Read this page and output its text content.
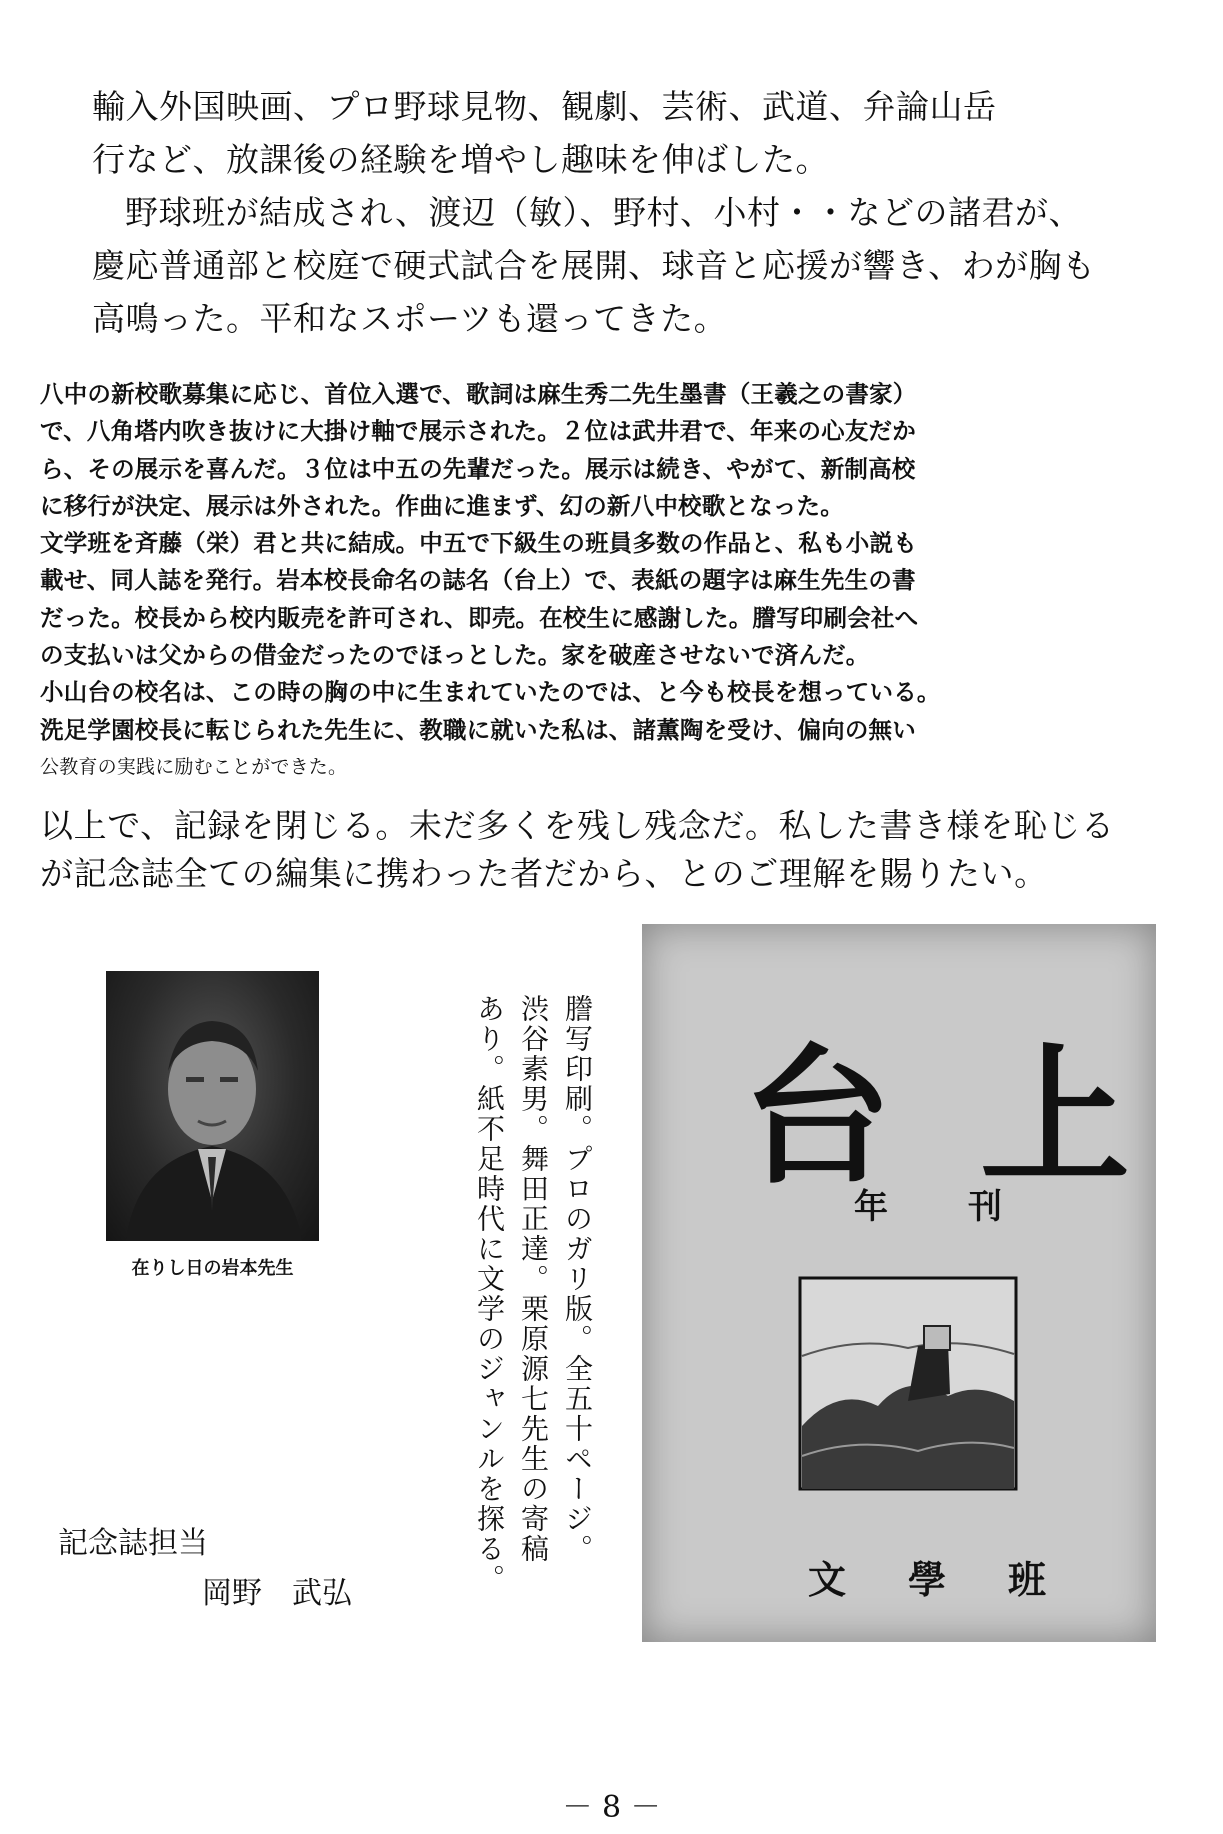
輸入外国映画、プロ野球見物、観劇、芸術、武道、弁論山岳
行など、放課後の経験を増やし趣味を伸ばした。
野球班が結成され、渡辺（敏）、野村、小村・・などの諸君が、
慶応普通部と校庭で硬式試合を展開、球音と応援が響き、わが胸も
高鳴った。平和なスポーツも還ってきた。
八中の新校歌募集に応じ、首位入選で、歌詞は麻生秀二先生墨書（王羲之の書家）
で、八角塔内吹き抜けに大掛け軸で展示された。２位は武井君で、年来の心友だか
ら、その展示を喜んだ。３位は中五の先輩だった。展示は続き、やがて、新制高校
に移行が決定、展示は外された。作曲に進まず、幻の新八中校歌となった。
文学班を斉藤（栄）君と共に結成。中五で下級生の班員多数の作品と、私も小説も
載せ、同人誌を発行。岩本校長命名の誌名（台上）で、表紙の題字は麻生先生の書
だった。校長から校内販売を許可され、即売。在校生に感謝した。謄写印刷会社へ
の支払いは父からの借金だったのでほっとした。家を破産させないで済んだ。
小山台の校名は、この時の胸の中に生まれていたのでは、と今も校長を想っている。
洗足学園校長に転じられた先生に、教職に就いた私は、諸薫陶を受け、偏向の無い
公教育の実践に励むことができた。
以上で、記録を閉じる。未だ多くを残し残念だ。私した書き様を恥じる
が記念誌全ての編集に携わった者だから、とのご理解を賜りたい。
在りし日の岩本先生	謄写印刷。プロのガリ版。全五十ページ。
渋谷素男。舞田正達。栗原源七先生の寄稿
あり。紙不足時代に文学のジャンルを探る。	上
台
年刊
文學班
記念誌担当
岡野　武弘
－ 8 －
